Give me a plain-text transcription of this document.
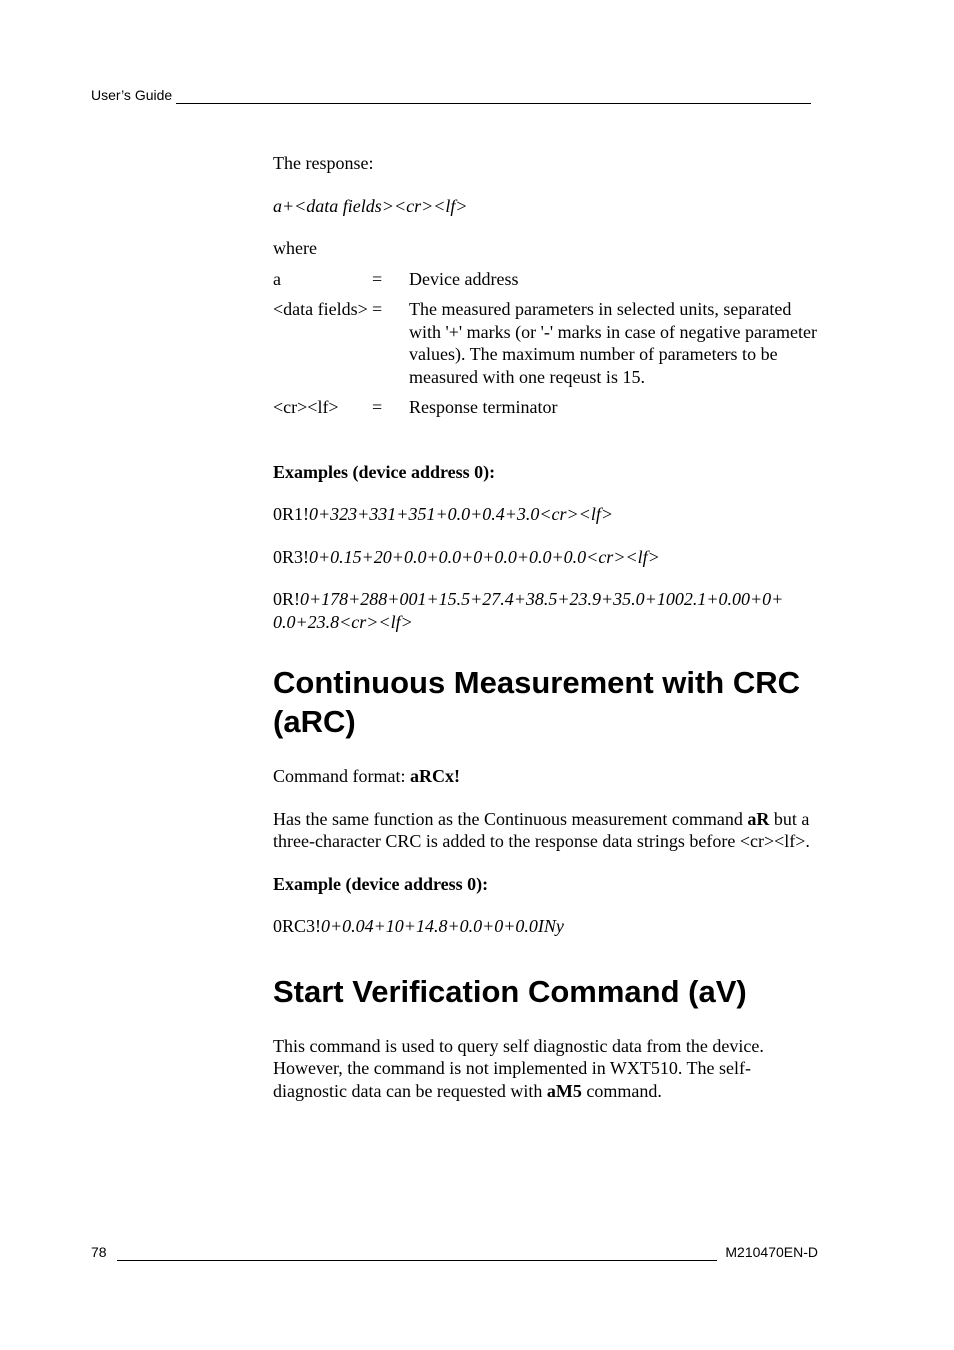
User’s Guide

The response:

a+<data fields><cr><lf>

where

a	=	Device address
<data fields>	=	The measured parameters in selected units, separated with '+' marks (or '-' marks in case of negative parameter values). The maximum number of parameters to be measured with one reqeust is 15.
<cr><lf>	=	Response terminator

Examples (device address 0):

0R1!0+323+331+351+0.0+0.4+3.0<cr><lf>

0R3!0+0.15+20+0.0+0.0+0+0.0+0.0+0.0<cr><lf>

0R!0+178+288+001+15.5+27.4+38.5+23.9+35.0+1002.1+0.00+0+ 0.0+23.8<cr><lf>

Continuous Measurement with CRC (aRC)

Command format: aRCx!

Has the same function as the Continuous measurement command aR but a three-character CRC is added to the response data strings before <cr><lf>.

Example (device address 0):

0RC3!0+0.04+10+14.8+0.0+0+0.0INy

Start Verification Command (aV)

This command is used to query self diagnostic data from the device. However, the command is not implemented in WXT510. The self-diagnostic data can be requested with aM5 command.

78	M210470EN-D
